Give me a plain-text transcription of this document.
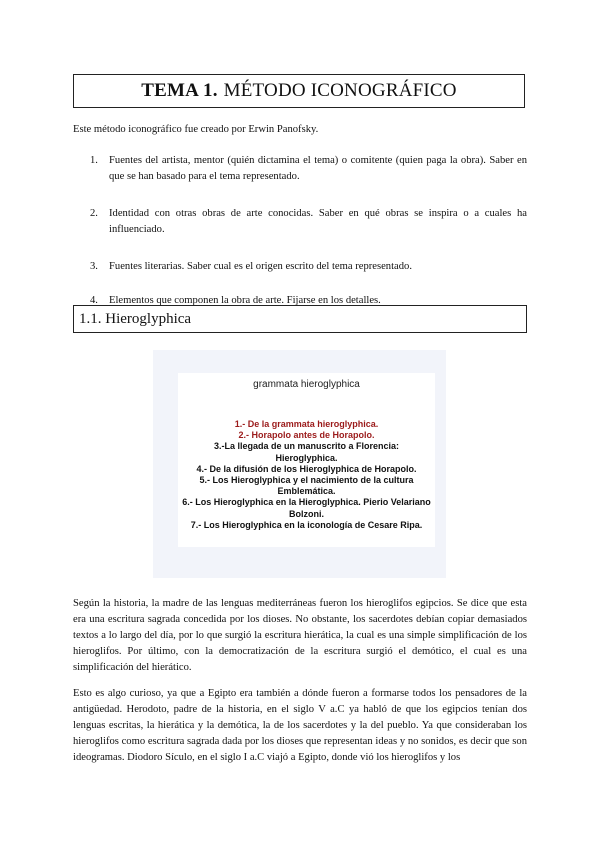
TEMA 1. MÉTODO ICONOGRÁFICO
Este método iconográfico fue creado por Erwin Panofsky.
1. Fuentes del artista, mentor (quién dictamina el tema) o comitente (quien paga la obra). Saber en que se han basado para el tema representado.
2. Identidad con otras obras de arte conocidas. Saber en qué obras se inspira o a cuales ha influenciado.
3. Fuentes literarias. Saber cual es el origen escrito del tema representado.
4. Elementos que componen la obra de arte. Fijarse en los detalles.
1.1. Hieroglyphica
grammata hieroglyphica
1.- De la grammata hieroglyphica.
2.- Horapolo antes de Horapolo.
3.-La llegada de un manuscrito a Florencia: Hieroglyphica.
4.- De la difusión de los Hieroglyphica de Horapolo.
5.- Los Hieroglyphica y el nacimiento de la cultura Emblemática.
6.- Los Hieroglyphica en la Hieroglyphica. Pierio Velariano Bolzoni.
7.- Los Hieroglyphica en la iconología de Cesare Ripa.

Según la historia, la madre de las lenguas mediterráneas fueron los hieroglifos egipcios. Se dice que esta era una escritura sagrada concedida por los dioses. No obstante, los sacerdotes debían copiar demasiados textos a lo largo del día, por lo que surgió la escritura hierática, la cual es una simple simplificación de los hieroglifos. Por último, con la democratización de la escritura surgió el demótico, el cual es una simplificación del hierático.

Esto es algo curioso, ya que a Egipto era también a dónde fueron a formarse todos los pensadores de la antigüedad. Herodoto, padre de la historia, en el siglo V a.C ya habló de que los egipcios tenían dos lenguas escritas, la hierática y la demótica, la de los sacerdotes y la del pueblo. Ya que consideraban los hieroglifos como escritura sagrada dada por los dioses que representan ideas y no sonidos, es decir que son ideogramas. Diodoro Sículo, en el siglo I a.C viajó a Egipto, donde vió los hieroglifos y los
